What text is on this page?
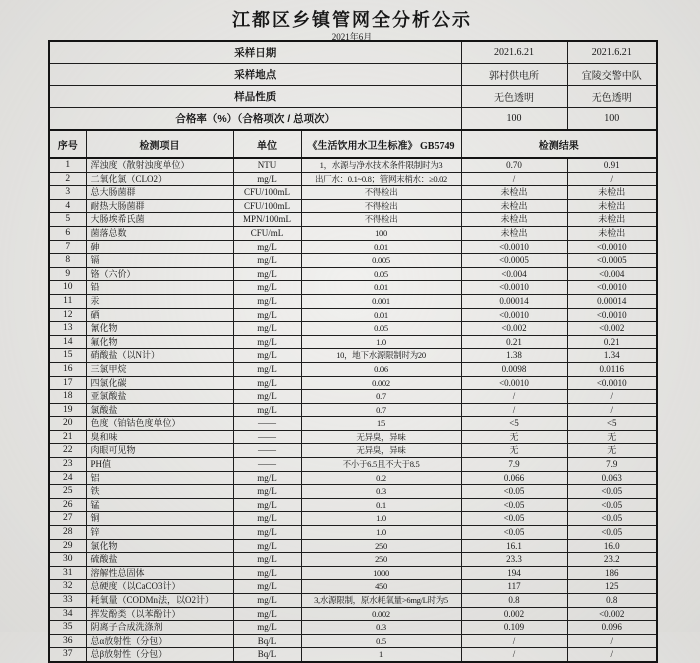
江都区乡镇管网全分析公示
2021年6月
采样日期				2021.6.21	2021.6.21
采样地点				郭村供电所	宜陵交警中队
样品性质				无色透明	无色透明
合格率（%）（合格项次 / 总项次）				100	100
序号	检测项目	单位	《生活饮用水卫生标准》 GB5749	检测结果	
1	浑浊度（散射浊度单位）	NTU	1，水源与净水技术条件限制时为3	0.70	0.91
2	二氧化氯（CLO2）	mg/L	出厂水：0.1~0.8；管网末梢水：≥0.02	/	/
3	总大肠菌群	CFU/100mL	不得检出	未检出	未检出
4	耐热大肠菌群	CFU/100mL	不得检出	未检出	未检出
5	大肠埃希氏菌	MPN/100mL	不得检出	未检出	未检出
6	菌落总数	CFU/mL	100	未检出	未检出
7	砷	mg/L	0.01	<0.0010	<0.0010
8	镉	mg/L	0.005	<0.0005	<0.0005
9	铬（六价）	mg/L	0.05	<0.004	<0.004
10	铅	mg/L	0.01	<0.0010	<0.0010
11	汞	mg/L	0.001	0.00014	0.00014
12	硒	mg/L	0.01	<0.0010	<0.0010
13	氰化物	mg/L	0.05	<0.002	<0.002
14	氟化物	mg/L	1.0	0.21	0.21
15	硝酸盐（以N计）	mg/L	10，地下水源限制时为20	1.38	1.34
16	三氯甲烷	mg/L	0.06	0.0098	0.0116
17	四氯化碳	mg/L	0.002	<0.0010	<0.0010
18	亚氯酸盐	mg/L	0.7	/	/
19	氯酸盐	mg/L	0.7	/	/
20	色度（铂钴色度单位）	——	15	<5	<5
21	臭和味	——	无异臭，异味	无	无
22	肉眼可见物	——	无异臭，异味	无	无
23	PH值	——	不小于6.5且不大于8.5	7.9	7.9
24	铝	mg/L	0.2	0.066	0.063
25	铁	mg/L	0.3	<0.05	<0.05
26	锰	mg/L	0.1	<0.05	<0.05
27	铜	mg/L	1.0	<0.05	<0.05
28	锌	mg/L	1.0	<0.05	<0.05
29	氯化物	mg/L	250	16.1	16.0
30	硫酸盐	mg/L	250	23.3	23.2
31	溶解性总固体	mg/L	1000	194	186
32	总硬度（以CaCO3计）	mg/L	450	117	125
33	耗氧量（CODMn法，以O2计）	mg/L	3,水源限制，原水耗氧量>6mg/L时为5	0.8	0.8
34	挥发酚类（以苯酚计）	mg/L	0.002	0.002	<0.002
35	阴离子合成洗涤剂	mg/L	0.3	0.109	0.096
36	总α放射性（分包）	Bq/L	0.5	/	/
37	总β放射性（分包）	Bq/L	1	/	/
